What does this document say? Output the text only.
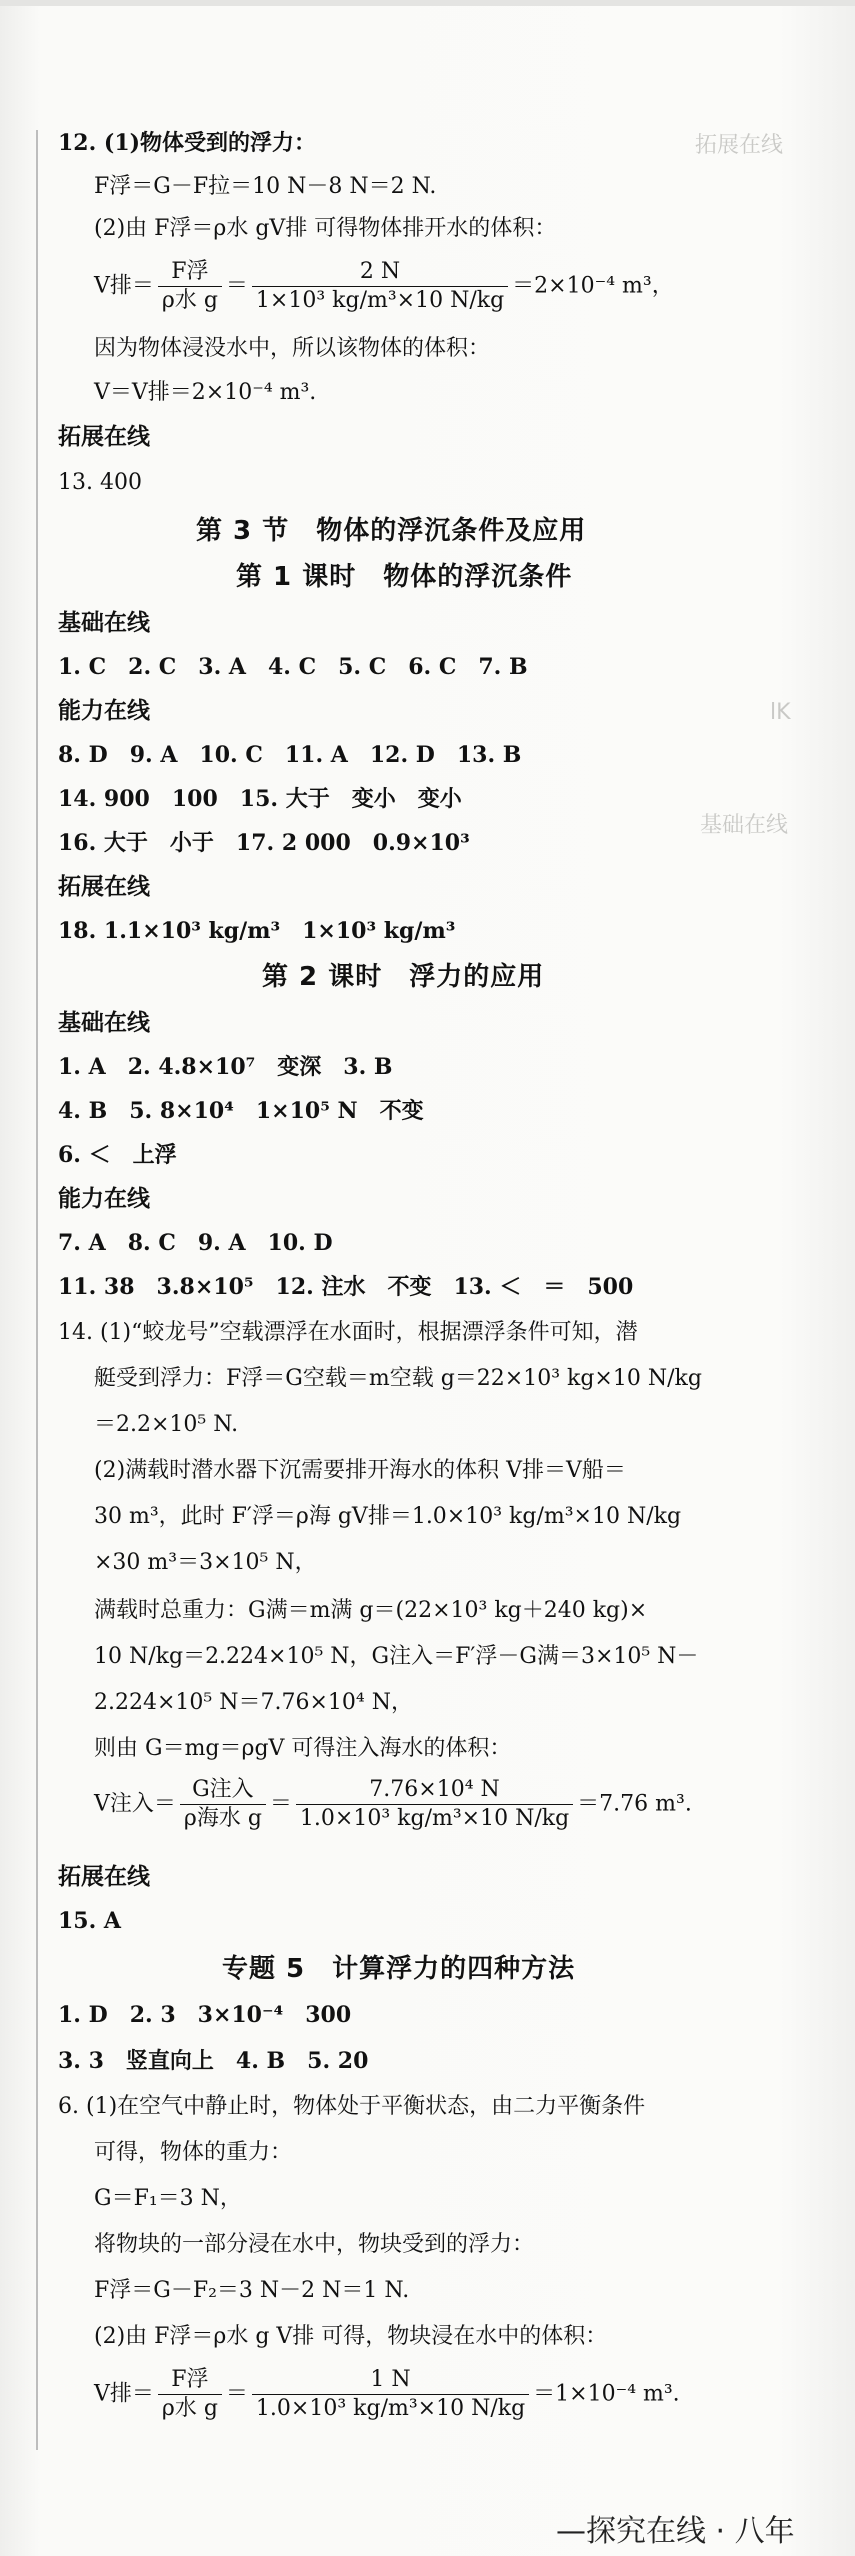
拓展在线
lK
基础在线
12. (1)物体受到的浮力：
F浮＝G－F拉＝10 N－8 N＝2 N.
(2)由 F浮＝ρ水 gV排 可得物体排开水的体积：
V排＝ $\frac{\text{F浮}}{\text{ρ水 g}} = \frac{2 N}{\text{1×10³ kg/m³×10 N/kg}} =2\times 10^{-4}$ m³，
因为物体浸没水中，所以该物体的体积：
V＝V排＝2×10⁻⁴ m³.
拓展在线
13. 400
第 3 节　物体的浮沉条件及应用
第 1 课时　物体的浮沉条件
基础在线
1. C　2. C　3. A　4. C　5. C　6. C　7. B
能力在线
8. D　9. A　10. C　11. A　12. D　13. B
14. 900　100　15. 大于　变小　变小
16. 大于　小于　17. 2 000　0.9×10³
拓展在线
18. 1.1×10³ kg/m³　1×10³ kg/m³
第 2 课时　浮力的应用
基础在线
1. A　2. 4.8×10⁷　变深　3. B
4. B　5. 8×10⁴　1×10⁵ N　不变
6. ＜　上浮
能力在线
7. A　8. C　9. A　10. D
11. 38　3.8×10⁵　12. 注水　不变　13. ＜　＝　500
14. (1)“蛟龙号”空载漂浮在水面时，根据漂浮条件可知，潜
艇受到浮力：F浮＝G空载＝m空载 g＝22×10³ kg×10 N/kg
＝2.2×10⁵ N.
(2)满载时潜水器下沉需要排开海水的体积 V排＝V船＝
30 m³，此时 F′浮＝ρ海 gV排＝1.0×10³ kg/m³×10 N/kg
×30 m³＝3×10⁵ N，
满载时总重力：G满＝m满 g＝(22×10³ kg＋240 kg)×
10 N/kg＝2.224×10⁵ N，G注入＝F′浮－G满＝3×10⁵ N－
2.224×10⁵ N＝7.76×10⁴ N，
则由 G＝mg＝ρgV 可得注入海水的体积：
V注入＝ $\frac{\text{G注入}}{\text{ρ海水 g}} = \frac{\text{7.76×10⁴ N}}{\text{1.0×10³ kg/m³×10 N/kg}} =7.76$ m³.
拓展在线
15. A
专题 5　计算浮力的四种方法
1. D　2. 3　3×10⁻⁴　300
3. 3　竖直向上　4. B　5. 20
6. (1)在空气中静止时，物体处于平衡状态，由二力平衡条件
可得，物体的重力：
G＝F₁＝3 N，
将物块的一部分浸在水中，物块受到的浮力：
F浮＝G－F₂＝3 N－2 N＝1 N.
(2)由 F浮＝ρ水 g V排 可得，物块浸在水中的体积：
V排＝ $\frac{\text{F浮}}{\text{ρ水 g}} = \frac{1 N}{\text{1.0×10³ kg/m³×10 N/kg}} =1\times 10^{-4}$ m³.
—探究在线 · 八年
